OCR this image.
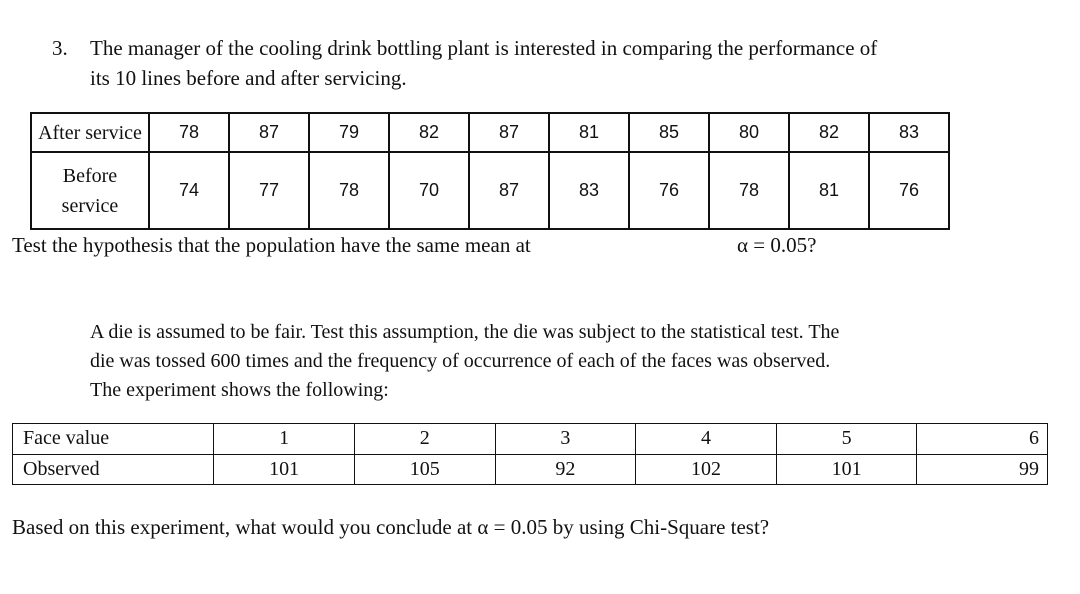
3. The manager of the cooling drink bottling plant is interested in comparing the performance of
its 10 lines before and after servicing.
After service	78	87	79	82	87	81	85	80	82	83
Before service	74	77	78	70	87	83	76	78	81	76
Test the hypothesis that the population have the same mean at	α = 0.05?
A die is assumed to be fair. Test this assumption, the die was subject to the statistical test. The
die was tossed 600 times and the frequency of occurrence of each of the faces was observed.
The experiment shows the following:
Face value	1	2	3	4	5	6
Observed	101	105	92	102	101	99
Based on this experiment, what would you conclude at α = 0.05 by using Chi-Square test?
